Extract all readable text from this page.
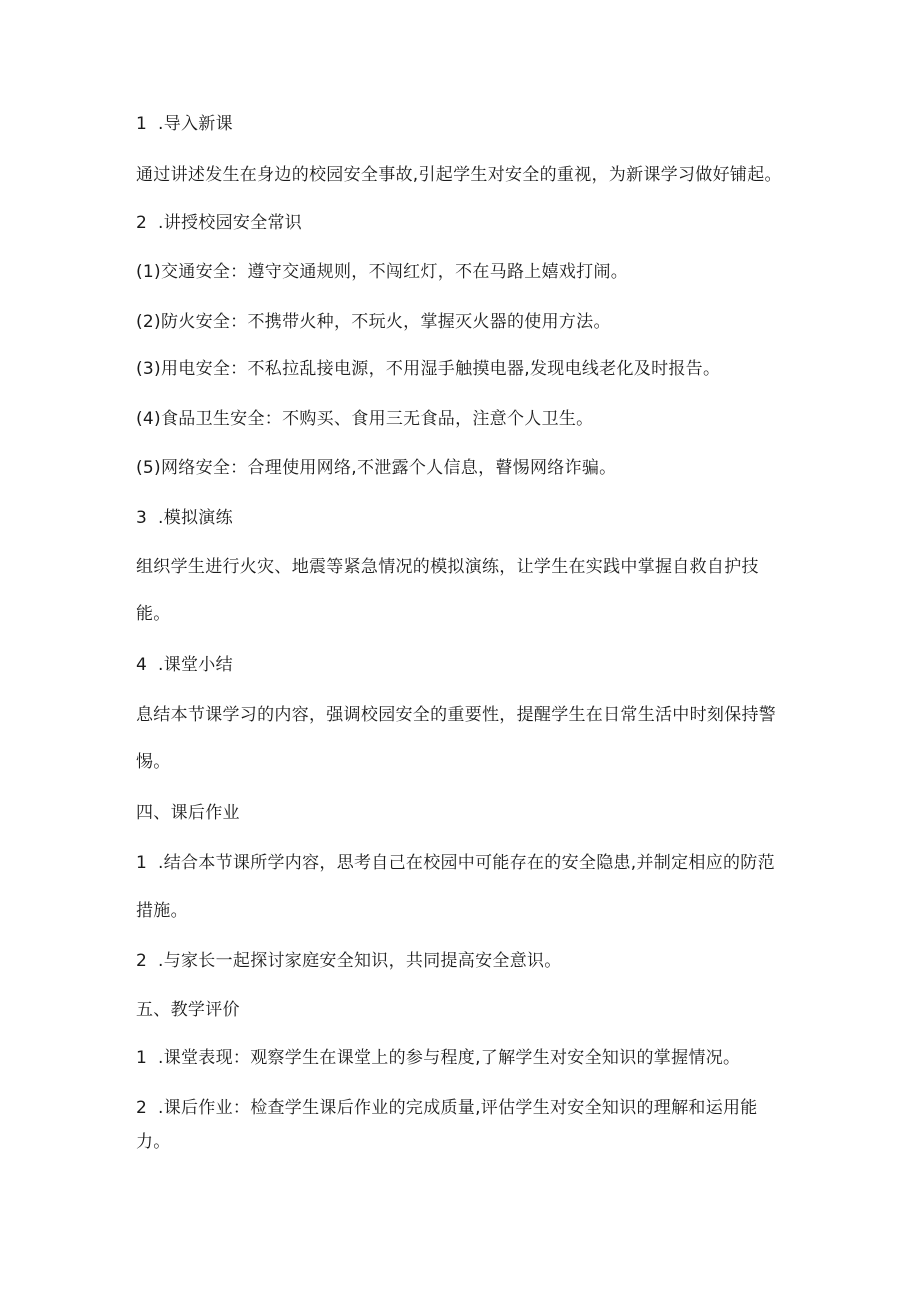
1 .导入新课
通过讲述发生在身边的校园安全事故,引起学生对安全的重视，为新课学习做好铺起。
2 .讲授校园安全常识
(1)交通安全：遵守交通规则，不闯红灯，不在马路上嬉戏打闹。
(2)防火安全：不携带火种，不玩火，掌握灭火器的使用方法。
(3)用电安全：不私拉乱接电源，不用湿手触摸电器,发现电线老化及时报告。
(4)食品卫生安全：不购买、食用三无食品，注意个人卫生。
(5)网络安全：合理使用网络,不泄露个人信息，瞽惕网络诈骗。
3 .模拟演练
组织学生进行火灾、地震等紧急情况的模拟演练，让学生在实践中掌握自救自护技
能。
4 .课堂小结
息结本节课学习的内容，强调校园安全的重要性，提醒学生在日常生活中时刻保持警
惕。
四、课后作业
1 .结合本节课所学内容，思考自己在校园中可能存在的安全隐患,并制定相应的防范
措施。
2 .与家长一起探讨家庭安全知识，共同提高安全意识。
五、教学评价
1 .课堂表现：观察学生在课堂上的参与程度,了解学生对安全知识的掌握情况。
2 .课后作业：检查学生课后作业的完成质量,评估学生对安全知识的理解和运用能
力。
